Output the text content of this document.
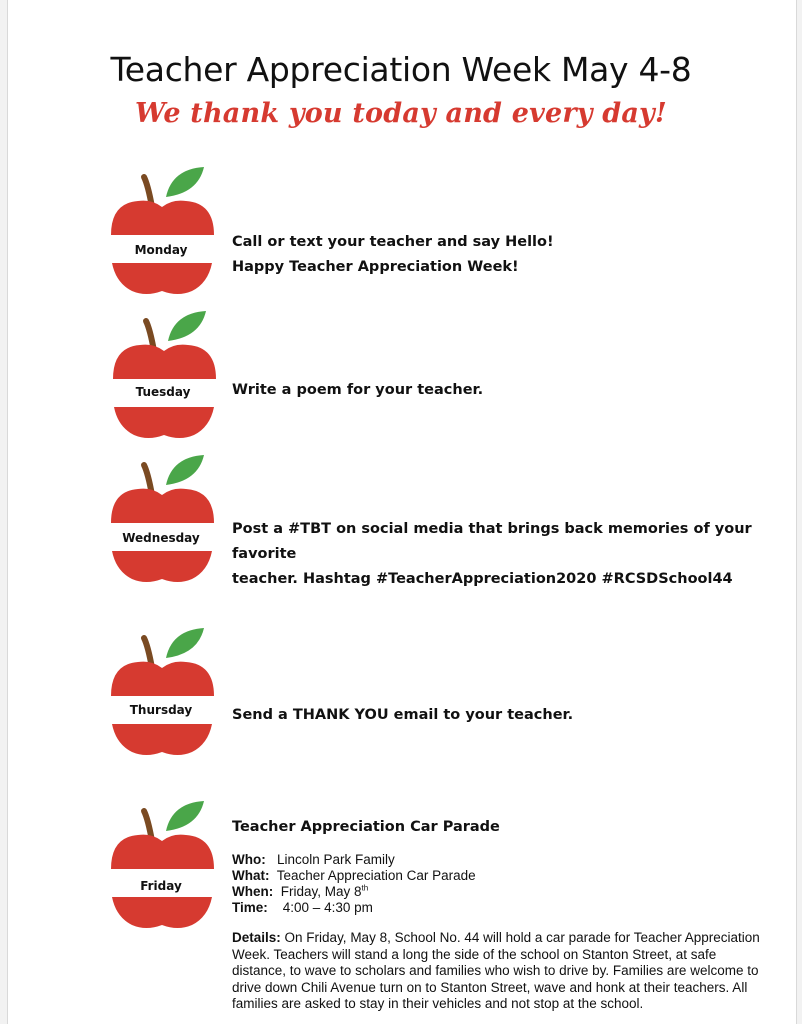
Teacher Appreciation Week May 4-8
We thank you today and every day!
Monday	Call or text your teacher and say Hello!
Happy Teacher Appreciation Week!
Tuesday	Write a poem for your teacher.
Wednesday
Post a #TBT on social media that brings back memories of your favorite
teacher. Hashtag #TeacherAppreciation2020 #RCSDSchool44
Thursday	Send a THANK YOU email to your teacher.
Friday
Teacher Appreciation Car Parade
Who: Lincoln Park Family
What: Teacher Appreciation Car Parade
When: Friday, May 8th
Time: 4:00 – 4:30 pm
Details: On Friday, May 8, School No. 44 will hold a car parade for Teacher Appreciation Week. Teachers will stand a long the side of the school on Stanton Street, at safe distance, to wave to scholars and families who wish to drive by. Families are welcome to drive down Chili Avenue turn on to Stanton Street, wave and honk at their teachers. All families are asked to stay in their vehicles and not stop at the school.
